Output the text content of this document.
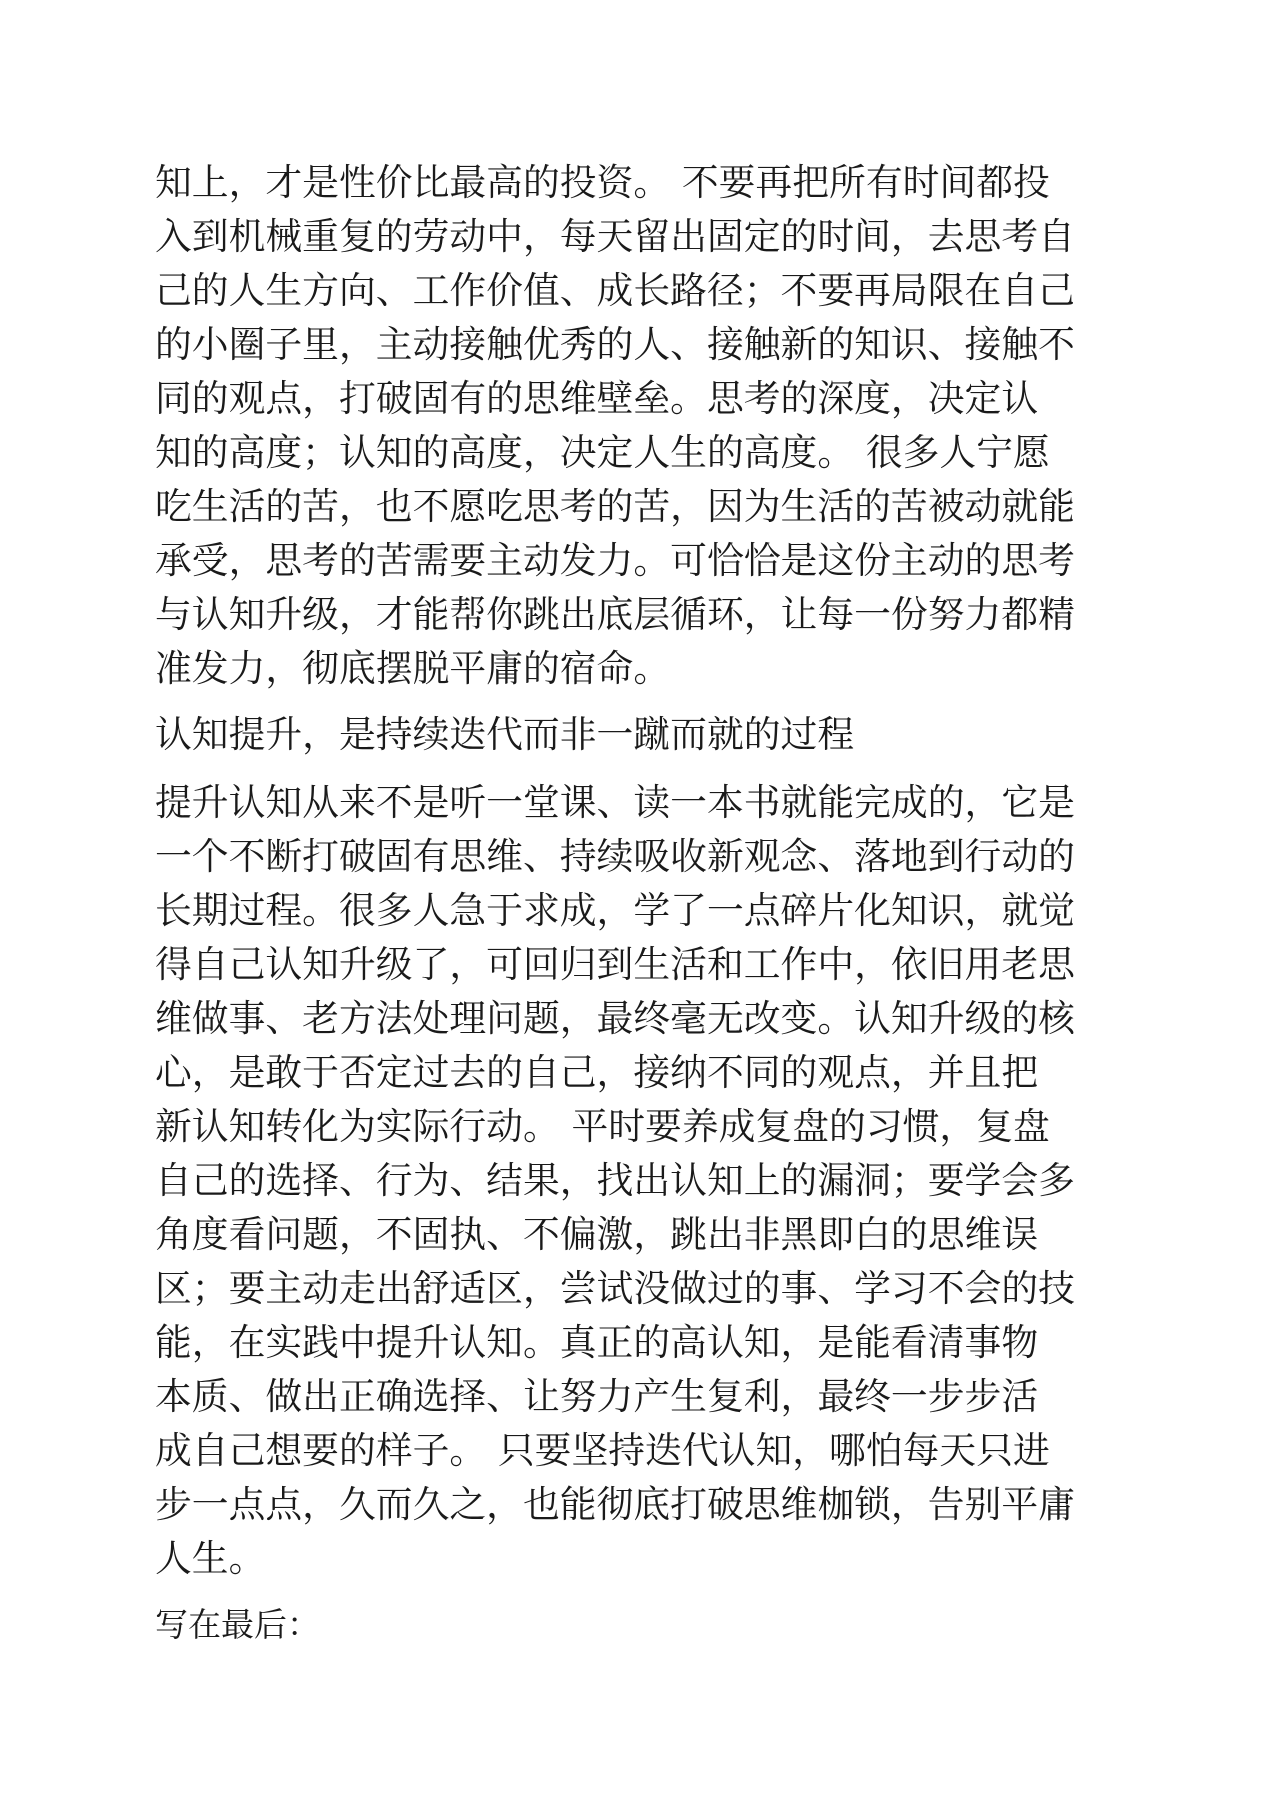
知上，才是性价比最高的投资。 不要再把所有时间都投
入到机械重复的劳动中，每天留出固定的时间，去思考自
己的人生方向、工作价值、成长路径；不要再局限在自己
的小圈子里，主动接触优秀的人、接触新的知识、接触不
同的观点，打破固有的思维壁垒。思考的深度，决定认
知的高度；认知的高度，决定人生的高度。 很多人宁愿
吃生活的苦，也不愿吃思考的苦，因为生活的苦被动就能
承受，思考的苦需要主动发力。可恰恰是这份主动的思考
与认知升级，才能帮你跳出底层循环，让每一份努力都精
准发力，彻底摆脱平庸的宿命。
认知提升，是持续迭代而非一蹴而就的过程
提升认知从来不是听一堂课、读一本书就能完成的，它是
一个不断打破固有思维、持续吸收新观念、落地到行动的
长期过程。很多人急于求成，学了一点碎片化知识，就觉
得自己认知升级了，可回归到生活和工作中，依旧用老思
维做事、老方法处理问题，最终毫无改变。认知升级的核
心，是敢于否定过去的自己，接纳不同的观点，并且把
新认知转化为实际行动。 平时要养成复盘的习惯，复盘
自己的选择、行为、结果，找出认知上的漏洞；要学会多
角度看问题，不固执、不偏激，跳出非黑即白的思维误
区；要主动走出舒适区，尝试没做过的事、学习不会的技
能，在实践中提升认知。真正的高认知，是能看清事物
本质、做出正确选择、让努力产生复利，最终一步步活
成自己想要的样子。 只要坚持迭代认知，哪怕每天只进
步一点点，久而久之，也能彻底打破思维枷锁，告别平庸
人生。
写在最后：
